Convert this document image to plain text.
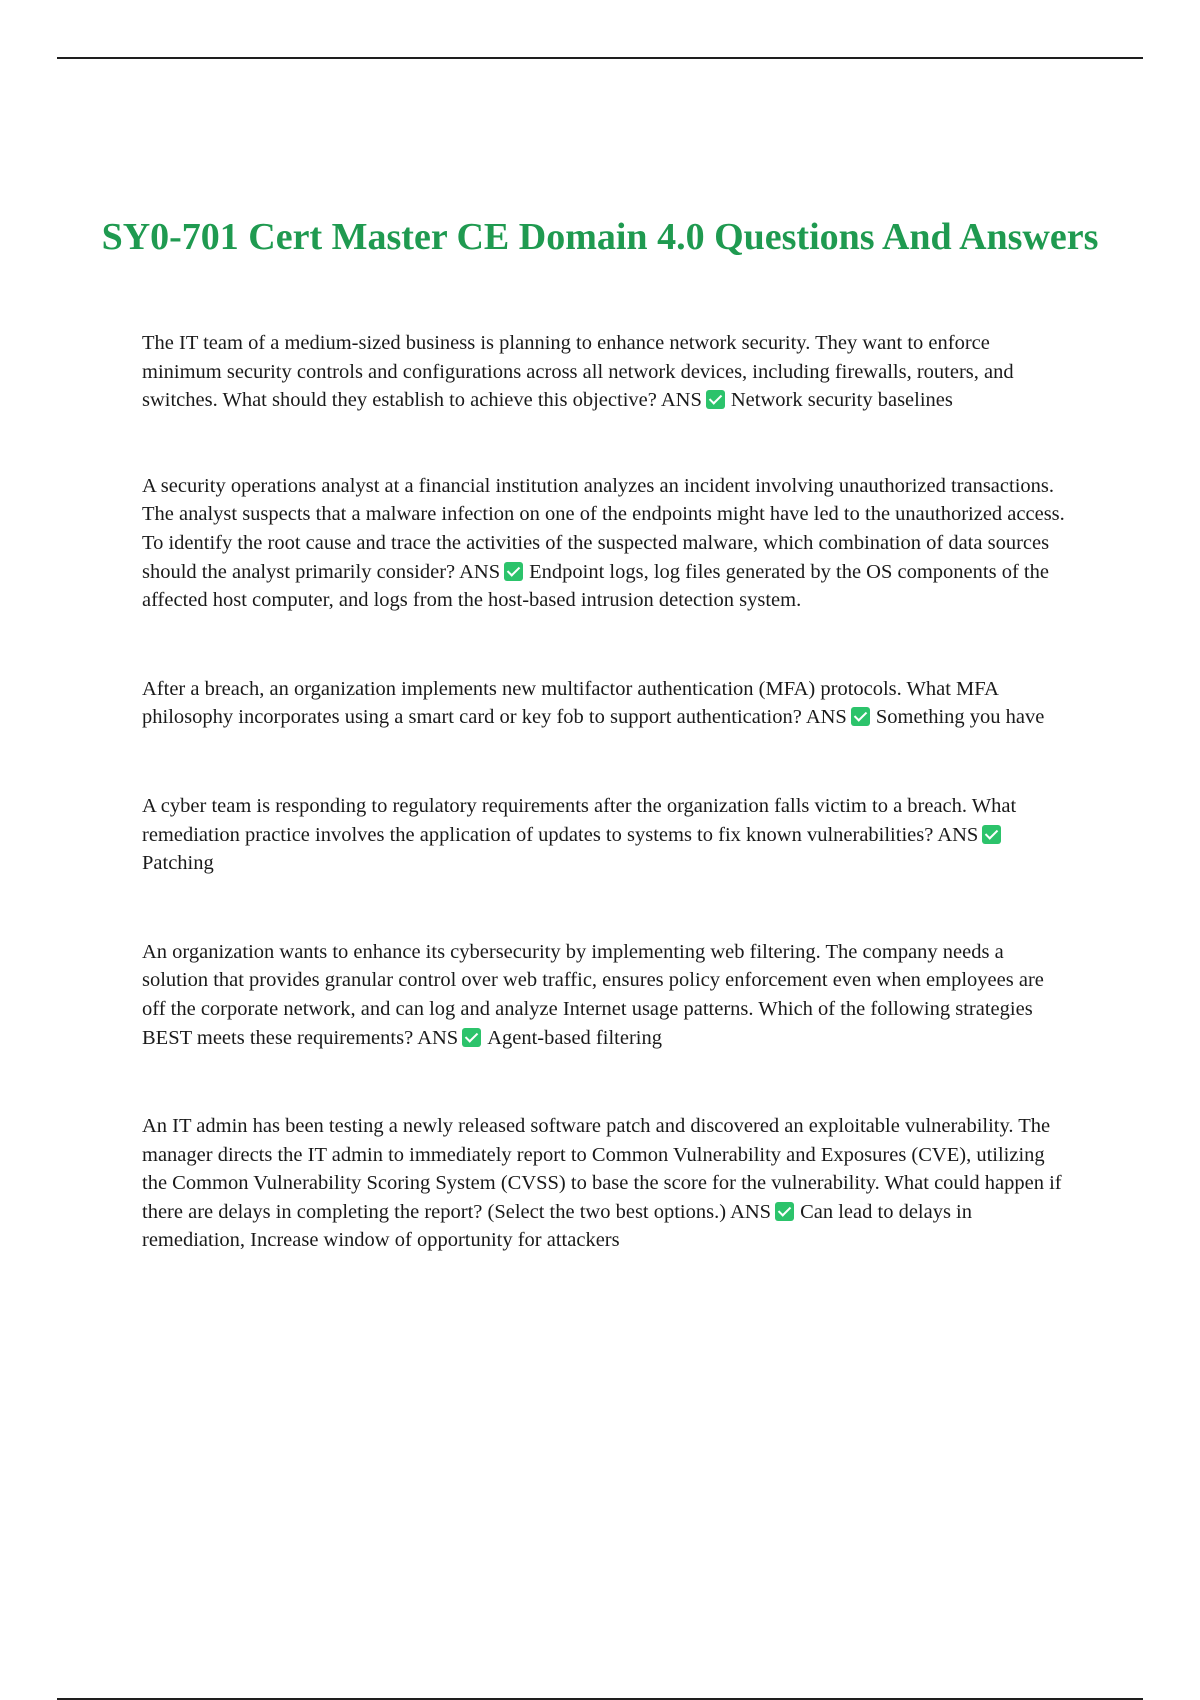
SY0-701 Cert Master CE Domain 4.0 Questions And Answers

The IT team of a medium-sized business is planning to enhance network security. They want to enforce minimum security controls and configurations across all network devices, including firewalls, routers, and switches. What should they establish to achieve this objective? ANS Network security baselines

A security operations analyst at a financial institution analyzes an incident involving unauthorized transactions. The analyst suspects that a malware infection on one of the endpoints might have led to the unauthorized access. To identify the root cause and trace the activities of the suspected malware, which combination of data sources should the analyst primarily consider? ANS Endpoint logs, log files generated by the OS components of the affected host computer, and logs from the host-based intrusion detection system.

After a breach, an organization implements new multifactor authentication (MFA) protocols. What MFA philosophy incorporates using a smart card or key fob to support authentication? ANS Something you have

A cyber team is responding to regulatory requirements after the organization falls victim to a breach. What remediation practice involves the application of updates to systems to fix known vulnerabilities? ANSPatching

An organization wants to enhance its cybersecurity by implementing web filtering. The company needs a solution that provides granular control over web traffic, ensures policy enforcement even when employees are off the corporate network, and can log and analyze Internet usage patterns. Which of the following strategies BEST meets these requirements? ANS Agent-based filtering

An IT admin has been testing a newly released software patch and discovered an exploitable vulnerability. The manager directs the IT admin to immediately report to Common Vulnerability and Exposures (CVE), utilizing the Common Vulnerability Scoring System (CVSS) to base the score for the vulnerability. What could happen if there are delays in completing the report? (Select the two best options.) ANS Can lead to delays in remediation, Increase window of opportunity for attackers
